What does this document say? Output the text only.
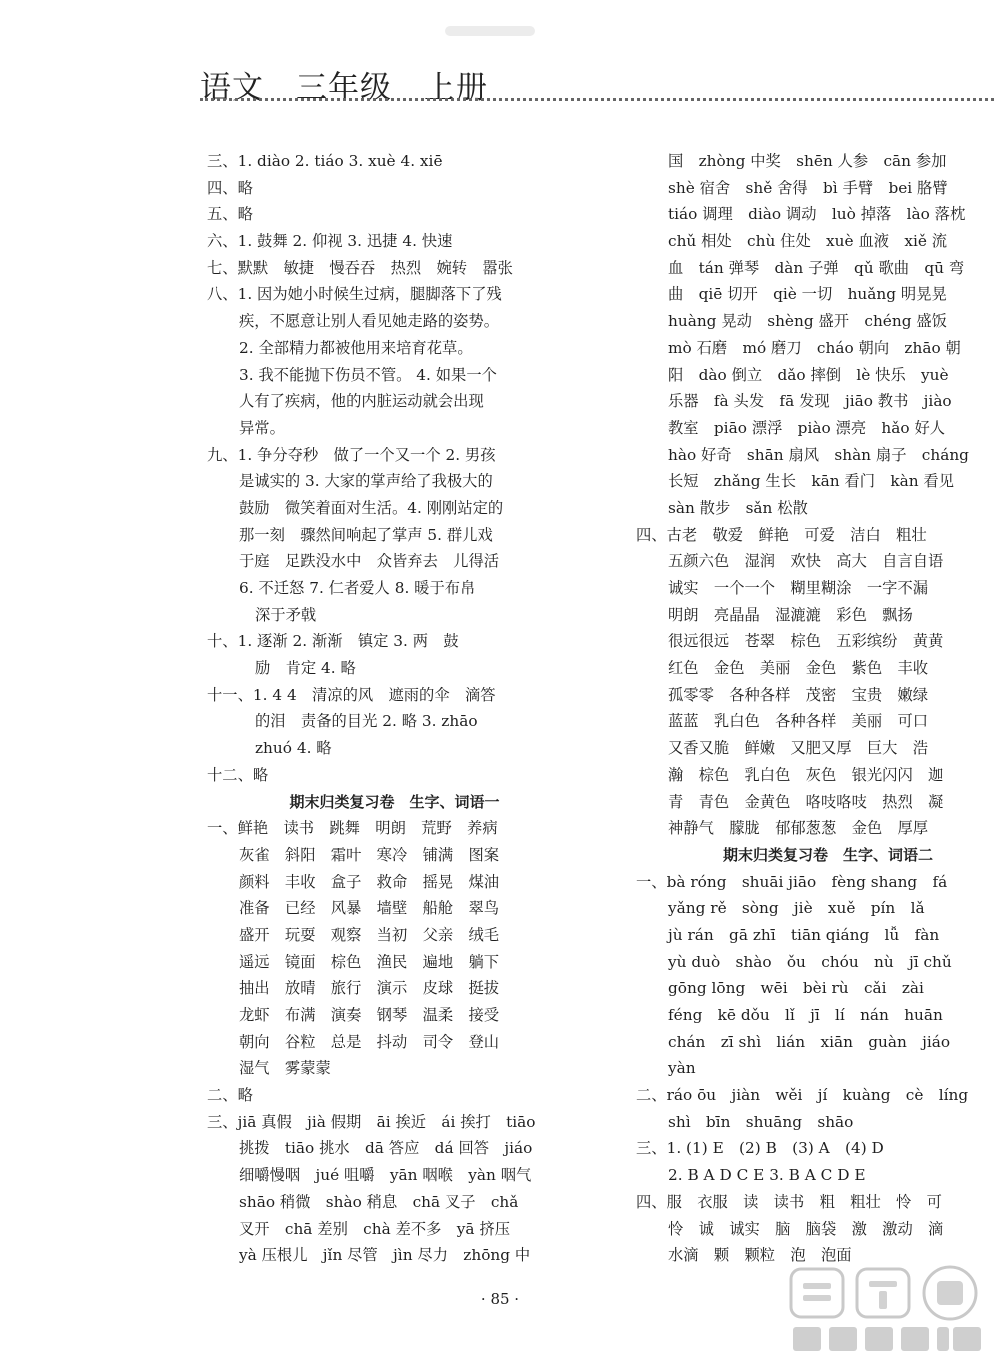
语文　三年级　上册
三、1. diào 2. tiáo 3. xuè 4. xiē
四、略
五、略
六、1. 鼓舞 2. 仰视 3. 迅捷 4. 快速
七、默默　敏捷　慢吞吞　热烈　婉转　嚣张
八、1. 因为她小时候生过病，腿脚落下了残
疾，不愿意让别人看见她走路的姿势。
2. 全部精力都被他用来培育花草。
3. 我不能抛下伤员不管。 4. 如果一个
人有了疾病，他的内脏运动就会出现
异常。
九、1. 争分夺秒　做了一个又一个 2. 男孩
是诚实的 3. 大家的掌声给了我极大的
鼓励　微笑着面对生活。4. 刚刚站定的
那一刻　骤然间响起了掌声 5. 群儿戏
于庭　足跌没水中　众皆弃去　儿得活
6. 不迁怒 7. 仁者爱人 8. 暖于布帛
深于矛戟
十、1. 逐渐 2. 渐渐　镇定 3. 两　鼓
励　肯定 4. 略
十一、1. 4 4　清凉的风　遮雨的伞　滴答
的泪　责备的目光 2. 略 3. zhāo
zhuó 4. 略
十二、略
期末归类复习卷　生字、词语一
一、鲜艳　读书　跳舞　明朗　荒野　养病
灰雀　斜阳　霜叶　寒冷　铺满　图案
颜料　丰收　盒子　救命　摇晃　煤油
准备　已经　风暴　墙壁　船舱　翠鸟
盛开　玩耍　观察　当初　父亲　绒毛
遥远　镜面　棕色　渔民　遍地　躺下
抽出　放晴　旅行　演示　皮球　挺拔
龙虾　布满　演奏　钢琴　温柔　接受
朝向　谷粒　总是　抖动　司令　登山
湿气　雾蒙蒙
二、略
三、jiā 真假　jià 假期　āi 挨近　ái 挨打　tiāo
挑拨　tiāo 挑水　dā 答应　dá 回答　jiáo
细嚼慢咽　jué 咀嚼　yān 咽喉　yàn 咽气
shāo 稍微　shào 稍息　chā 叉子　chǎ
叉开　chā 差别　chà 差不多　yā 挤压
yà 压根儿　jǐn 尽管　jìn 尽力　zhōng 中
国　zhòng 中奖　shēn 人参　cān 参加
shè 宿舍　shě 舍得　bì 手臂　bei 胳臂
tiáo 调理　diào 调动　luò 掉落　lào 落枕
chǔ 相处　chù 住处　xuè 血液　xiě 流
血　tán 弹琴　dàn 子弹　qǔ 歌曲　qū 弯
曲　qiē 切开　qiè 一切　huǎng 明晃晃
huàng 晃动　shèng 盛开　chéng 盛饭
mò 石磨　mó 磨刀　cháo 朝向　zhāo 朝
阳　dào 倒立　dǎo 摔倒　lè 快乐　yuè
乐器　fà 头发　fā 发现　jiāo 教书　jiào
教室　piāo 漂浮　piào 漂亮　hǎo 好人
hào 好奇　shān 扇风　shàn 扇子　cháng
长短　zhǎng 生长　kān 看门　kàn 看见
sàn 散步　sǎn 松散
四、古老　敬爱　鲜艳　可爱　洁白　粗壮
五颜六色　湿润　欢快　高大　自言自语
诚实　一个一个　糊里糊涂　一字不漏
明朗　亮晶晶　湿漉漉　彩色　飘扬
很远很远　苍翠　棕色　五彩缤纷　黄黄
红色　金色　美丽　金色　紫色　丰收
孤零零　各种各样　茂密　宝贵　嫩绿
蓝蓝　乳白色　各种各样　美丽　可口
又香又脆　鲜嫩　又肥又厚　巨大　浩
瀚　棕色　乳白色　灰色　银光闪闪　迦
青　青色　金黄色　咯吱咯吱　热烈　凝
神静气　朦胧　郁郁葱葱　金色　厚厚
期末归类复习卷　生字、词语二
一、bà róng　shuāi jiāo　fèng shang　fá
yǎng rě　sòng　jiè　xuě　pín　lǎ
jù rán　gā zhī　tiān qiáng　lǚ　fàn
yù duò　shào　ǒu　chóu　nù　jī chǔ
gōng lōng　wēi　bèi rù　cǎi　zài
féng　kē dǒu　lǐ　jī　lí　nán　huān
chán　zī shì　lián　xiān　guàn　jiáo
yàn
二、ráo ōu　jiàn　wěi　jí　kuàng　cè　líng
shì　bīn　shuāng　shāo
三、1. (1) E　(2) B　(3) A　(4) D
2. B A D C E 3. B A C D E
四、服　衣服　读　读书　粗　粗壮　怜　可
怜　诚　诚实　脑　脑袋　激　激动　滴
水滴　颗　颗粒　泡　泡面
· 85 ·
